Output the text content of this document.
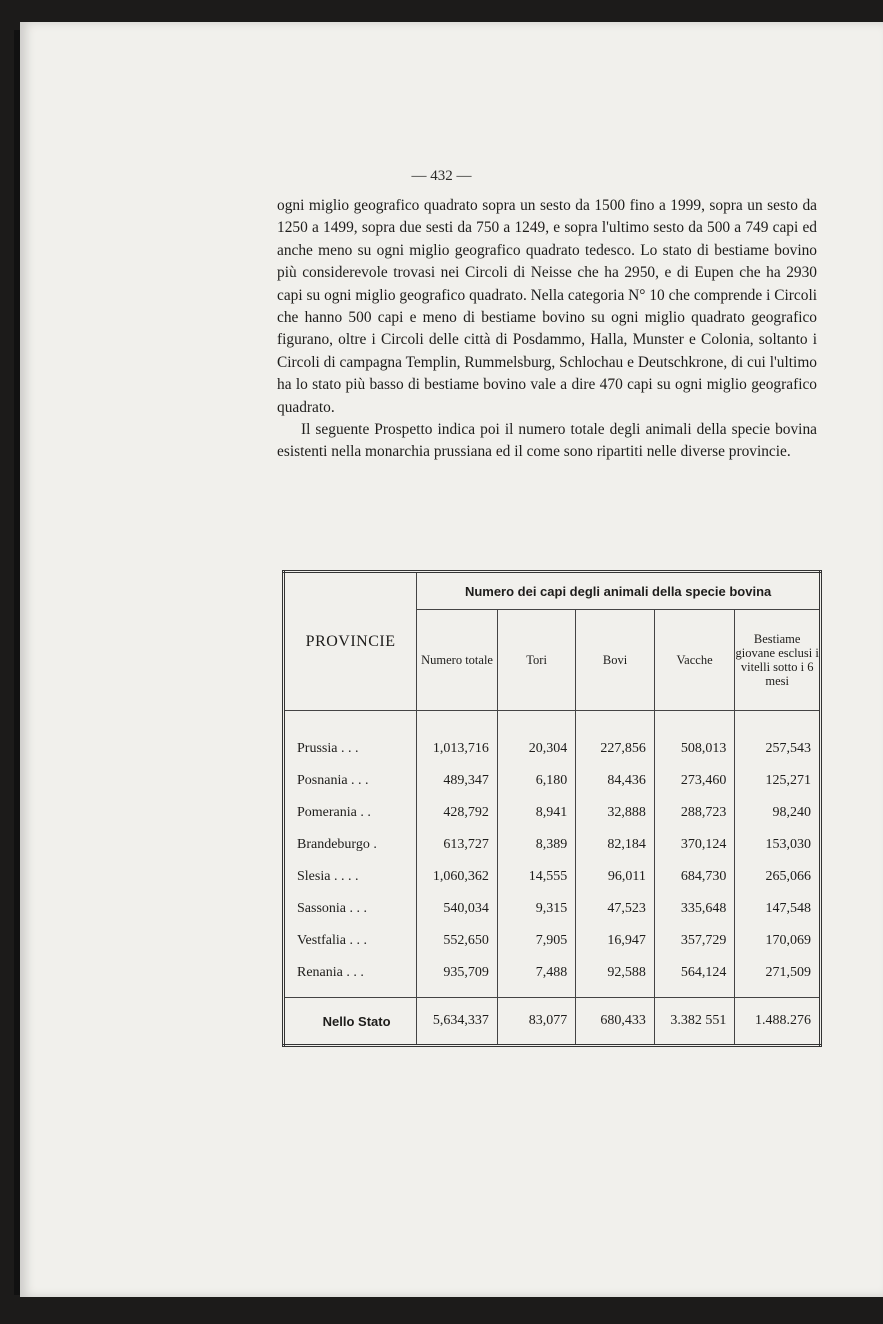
— 432 —

ogni miglio geografico quadrato sopra un sesto da 1500 fino a 1999, sopra un sesto da 1250 a 1499, sopra due sesti da 750 a 1249, e sopra l'ultimo sesto da 500 a 749 capi ed anche meno su ogni miglio geografico quadrato tedesco. Lo stato di bestiame bovino più considerevole trovasi nei Circoli di Neisse che ha 2950, e di Eupen che ha 2930 capi su ogni miglio geografico quadrato. Nella categoria N° 10 che comprende i Circoli che hanno 500 capi e meno di bestiame bovino su ogni miglio quadrato geografico figurano, oltre i Circoli delle città di Posdammo, Halla, Munster e Colonia, soltanto i Circoli di campagna Templin, Rummelsburg, Schlochau e Deutschkrone, di cui l'ultimo ha lo stato più basso di bestiame bovino vale a dire 470 capi su ogni miglio geografico quadrato.

Il seguente Prospetto indica poi il numero totale degli animali della specie bovina esistenti nella monarchia prussiana ed il come sono ripartiti nelle diverse provincie.

PROVINCIE	Numero dei capi degli animali della specie bovina				
	Numero totale	Tori	Bovi	Vacche	Bestiame giovane esclusi i vitelli sotto i 6 mesi

Prussia . . .	1,013,716	20,304	227,856	508,013	257,543
Posnania . . .	489,347	6,180	84,436	273,460	125,271
Pomerania . .	428,792	8,941	32,888	288,723	98,240
Brandeburgo .	613,727	8,389	82,184	370,124	153,030
Slesia . . . .	1,060,362	14,555	96,011	684,730	265,066
Sassonia . . .	540,034	9,315	47,523	335,648	147,548
Vestfalia . . .	552,650	7,905	16,947	357,729	170,069
Renania . . .	935,709	7,488	92,588	564,124	271,509

Nello Stato	5,634,337	83,077	680,433	3.382 551	1.488.276
